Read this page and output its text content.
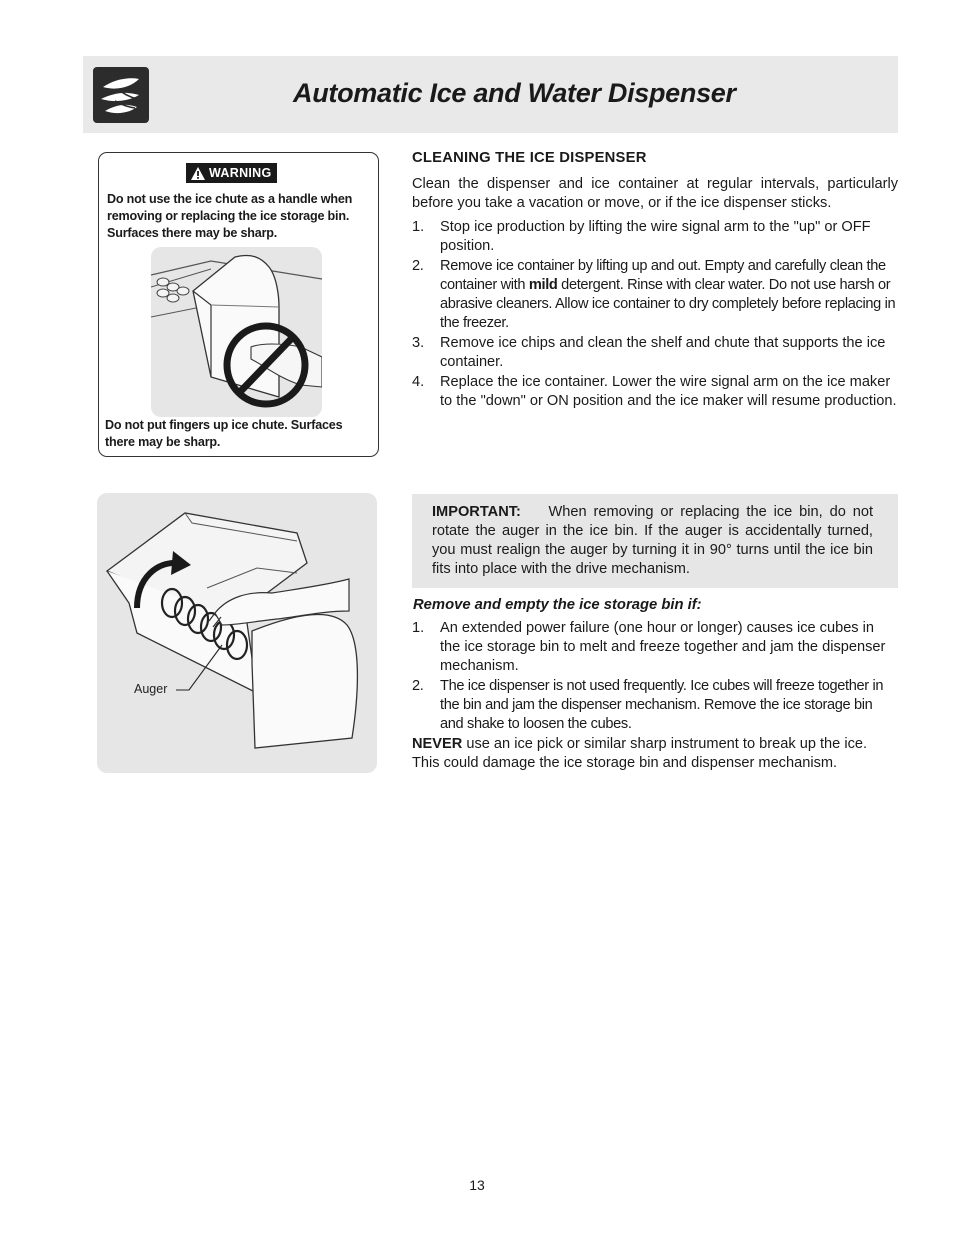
Automatic Ice and Water Dispenser
WARNING
Do not use the ice chute as a handle when removing or replacing the ice storage bin. Surfaces there may be sharp.
Do not put fingers up ice chute. Surfaces there may be sharp.
CLEANING THE ICE DISPENSER
Clean the dispenser and ice container at regular intervals, particularly before you take a vacation or move, or if the ice dispenser sticks.
1. Stop ice production by lifting the wire signal arm to the "up" or OFF position.
2. Remove ice container by lifting up and out. Empty and carefully clean the container with mild detergent. Rinse with clear water. Do not use harsh or abrasive cleaners. Allow ice container to dry completely before replacing in the freezer.
3. Remove ice chips and clean the shelf and chute that supports the ice container.
4. Replace the ice container. Lower the wire signal arm on the ice maker to the "down" or ON position and the ice maker will resume production.
Auger
IMPORTANT: When removing or replacing the ice bin, do not rotate the auger in the ice bin. If the auger is accidentally turned, you must realign the auger by turning it in 90° turns until the ice bin fits into place with the drive mechanism.
Remove and empty the ice storage bin if:
1. An extended power failure (one hour or longer) causes ice cubes in the ice storage bin to melt and freeze together and jam the dispenser mechanism.
2. The ice dispenser is not used frequently. Ice cubes will freeze together in the bin and jam the dispenser mechanism. Remove the ice storage bin and shake to loosen the cubes.
NEVER use an ice pick or similar sharp instrument to break up the ice. This could damage the ice storage bin and dispenser mechanism.
13
